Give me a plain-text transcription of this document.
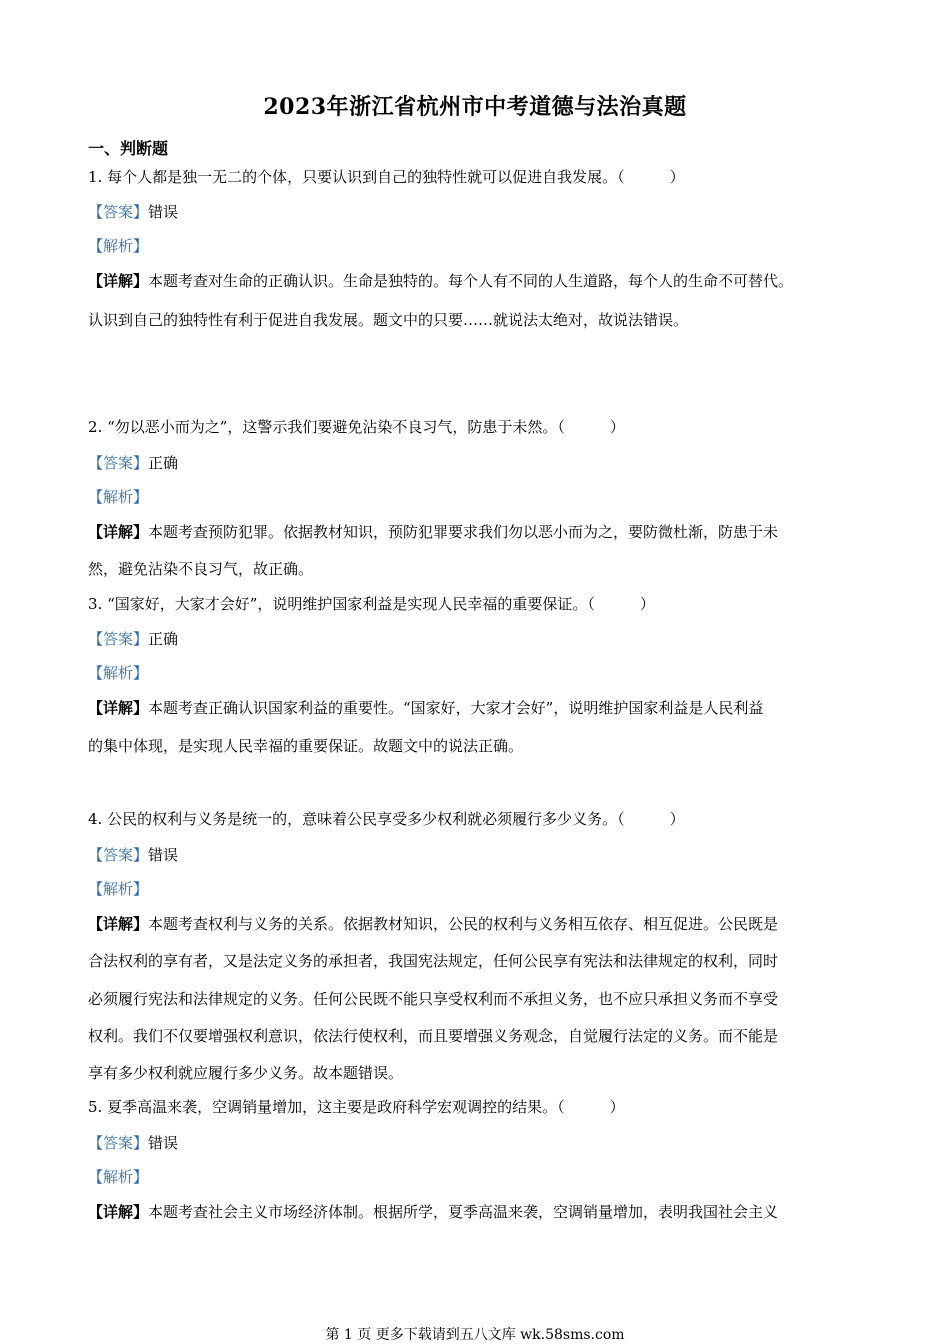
2023年浙江省杭州市中考道德与法治真题
一、判断题
1. 每个人都是独一无二的个体，只要认识到自己的独特性就可以促进自我发展。（　　　）
【答案】错误
【解析】
【详解】本题考查对生命的正确认识。生命是独特的。每个人有不同的人生道路，每个人的生命不可替代。
认识到自己的独特性有利于促进自我发展。题文中的只要……就说法太绝对，故说法错误。
2. “勿以恶小而为之”，这警示我们要避免沾染不良习气，防患于未然。（　　　）
【答案】正确
【解析】
【详解】本题考查预防犯罪。依据教材知识，预防犯罪要求我们勿以恶小而为之，要防微杜渐，防患于未
然，避免沾染不良习气，故正确。
3. “国家好，大家才会好”，说明维护国家利益是实现人民幸福的重要保证。（　　　）
【答案】正确
【解析】
【详解】本题考查正确认识国家利益的重要性。“国家好，大家才会好”，说明维护国家利益是人民利益
的集中体现，是实现人民幸福的重要保证。故题文中的说法正确。
4. 公民的权利与义务是统一的，意味着公民享受多少权利就必须履行多少义务。（　　　）
【答案】错误
【解析】
【详解】本题考查权利与义务的关系。依据教材知识，公民的权利与义务相互依存、相互促进。公民既是
合法权利的享有者，又是法定义务的承担者，我国宪法规定，任何公民享有宪法和法律规定的权利，同时
必须履行宪法和法律规定的义务。任何公民既不能只享受权利而不承担义务，也不应只承担义务而不享受
权利。我们不仅要增强权利意识，依法行使权利，而且要增强义务观念，自觉履行法定的义务。而不能是
享有多少权利就应履行多少义务。故本题错误。
5. 夏季高温来袭，空调销量增加，这主要是政府科学宏观调控的结果。（　　　）
【答案】错误
【解析】
【详解】本题考查社会主义市场经济体制。根据所学，夏季高温来袭，空调销量增加，表明我国社会主义
第 1 页 更多下载请到五八文库 wk.58sms.com
